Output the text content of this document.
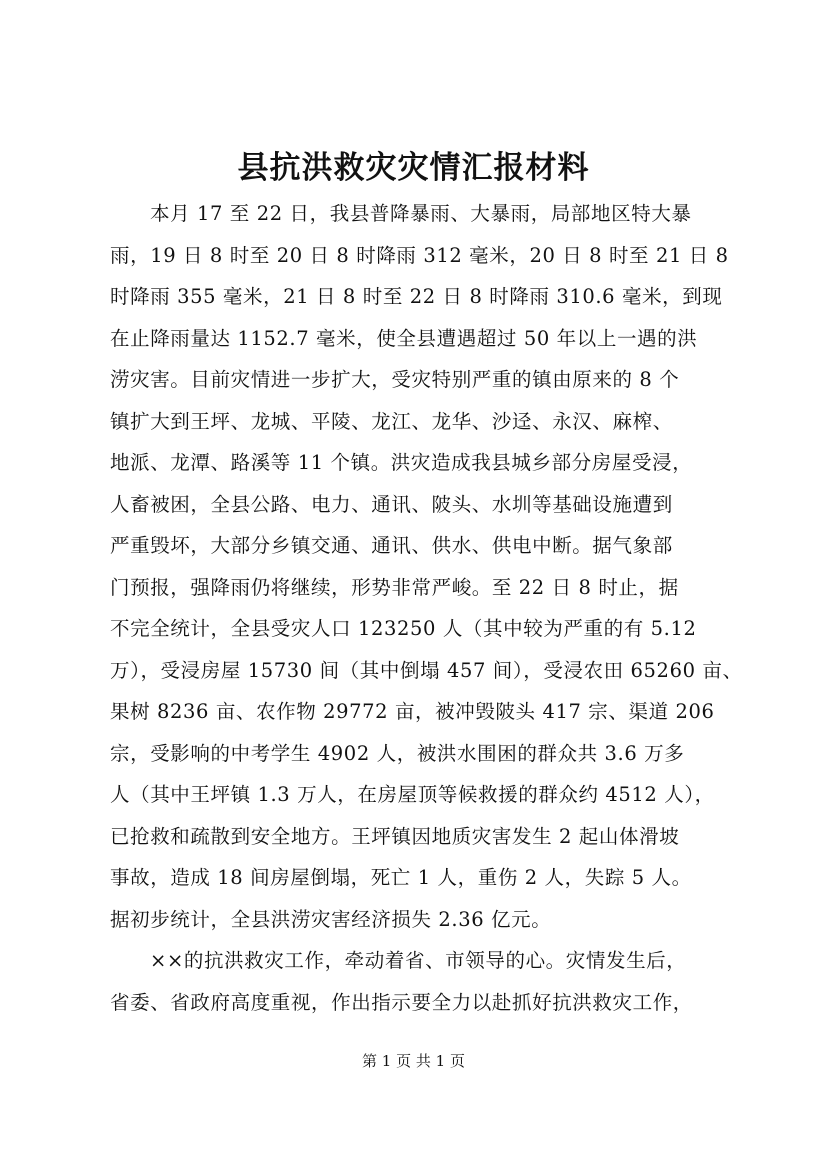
县抗洪救灾灾情汇报材料
本月 17 至 22 日，我县普降暴雨、大暴雨，局部地区特大暴
雨，19 日 8 时至 20 日 8 时降雨 312 毫米，20 日 8 时至 21 日 8
时降雨 355 毫米，21 日 8 时至 22 日 8 时降雨 310.6 毫米，到现
在止降雨量达 1152.7 毫米，使全县遭遇超过 50 年以上一遇的洪
涝灾害。目前灾情进一步扩大，受灾特别严重的镇由原来的 8 个
镇扩大到王坪、龙城、平陵、龙江、龙华、沙迳、永汉、麻榨、
地派、龙潭、路溪等 11 个镇。洪灾造成我县城乡部分房屋受浸，
人畜被困，全县公路、电力、通讯、陂头、水圳等基础设施遭到
严重毁坏，大部分乡镇交通、通讯、供水、供电中断。据气象部
门预报，强降雨仍将继续，形势非常严峻。至 22 日 8 时止，据
不完全统计，全县受灾人口 123250 人（其中较为严重的有 5.12
万），受浸房屋 15730 间（其中倒塌 457 间），受浸农田 65260 亩、
果树 8236 亩、农作物 29772 亩，被冲毁陂头 417 宗、渠道 206
宗，受影响的中考学生 4902 人，被洪水围困的群众共 3.6 万多
人（其中王坪镇 1.3 万人，在房屋顶等候救援的群众约 4512 人），
已抢救和疏散到安全地方。王坪镇因地质灾害发生 2 起山体滑坡
事故，造成 18 间房屋倒塌，死亡 1 人，重伤 2 人，失踪 5 人。
据初步统计，全县洪涝灾害经济损失 2.36 亿元。
××的抗洪救灾工作，牵动着省、市领导的心。灾情发生后，
省委、省政府高度重视，作出指示要全力以赴抓好抗洪救灾工作，
第 1 页 共 1 页
